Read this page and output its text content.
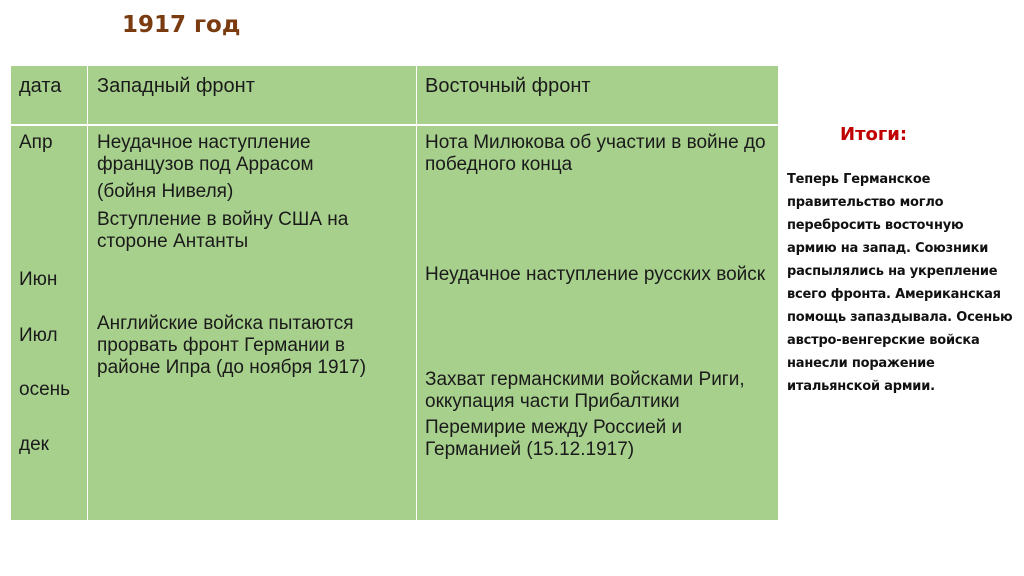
1917 год
дата	Западный фронт	Восточный фронт
Апр
Июн
Июл
осень
дек
Неудачное наступление французов под Аррасом
(бойня Нивеля)
Вступление в войну США на стороне Антанты
Английские войска пытаются прорвать фронт Германии в районе Ипра (до ноября 1917)
Нота Милюкова об участии в войне до победного конца
Неудачное наступление русских войск
Захват германскими войсками Риги, оккупация части Прибалтики
Перемирие между Россией и Германией (15.12.1917)
Итоги:
Теперь Германское правительство могло перебросить восточную армию на запад. Союзники распылялись на укрепление всего фронта. Американская помощь запаздывала. Осенью австро-венгерские войска нанесли поражение итальянской армии.
